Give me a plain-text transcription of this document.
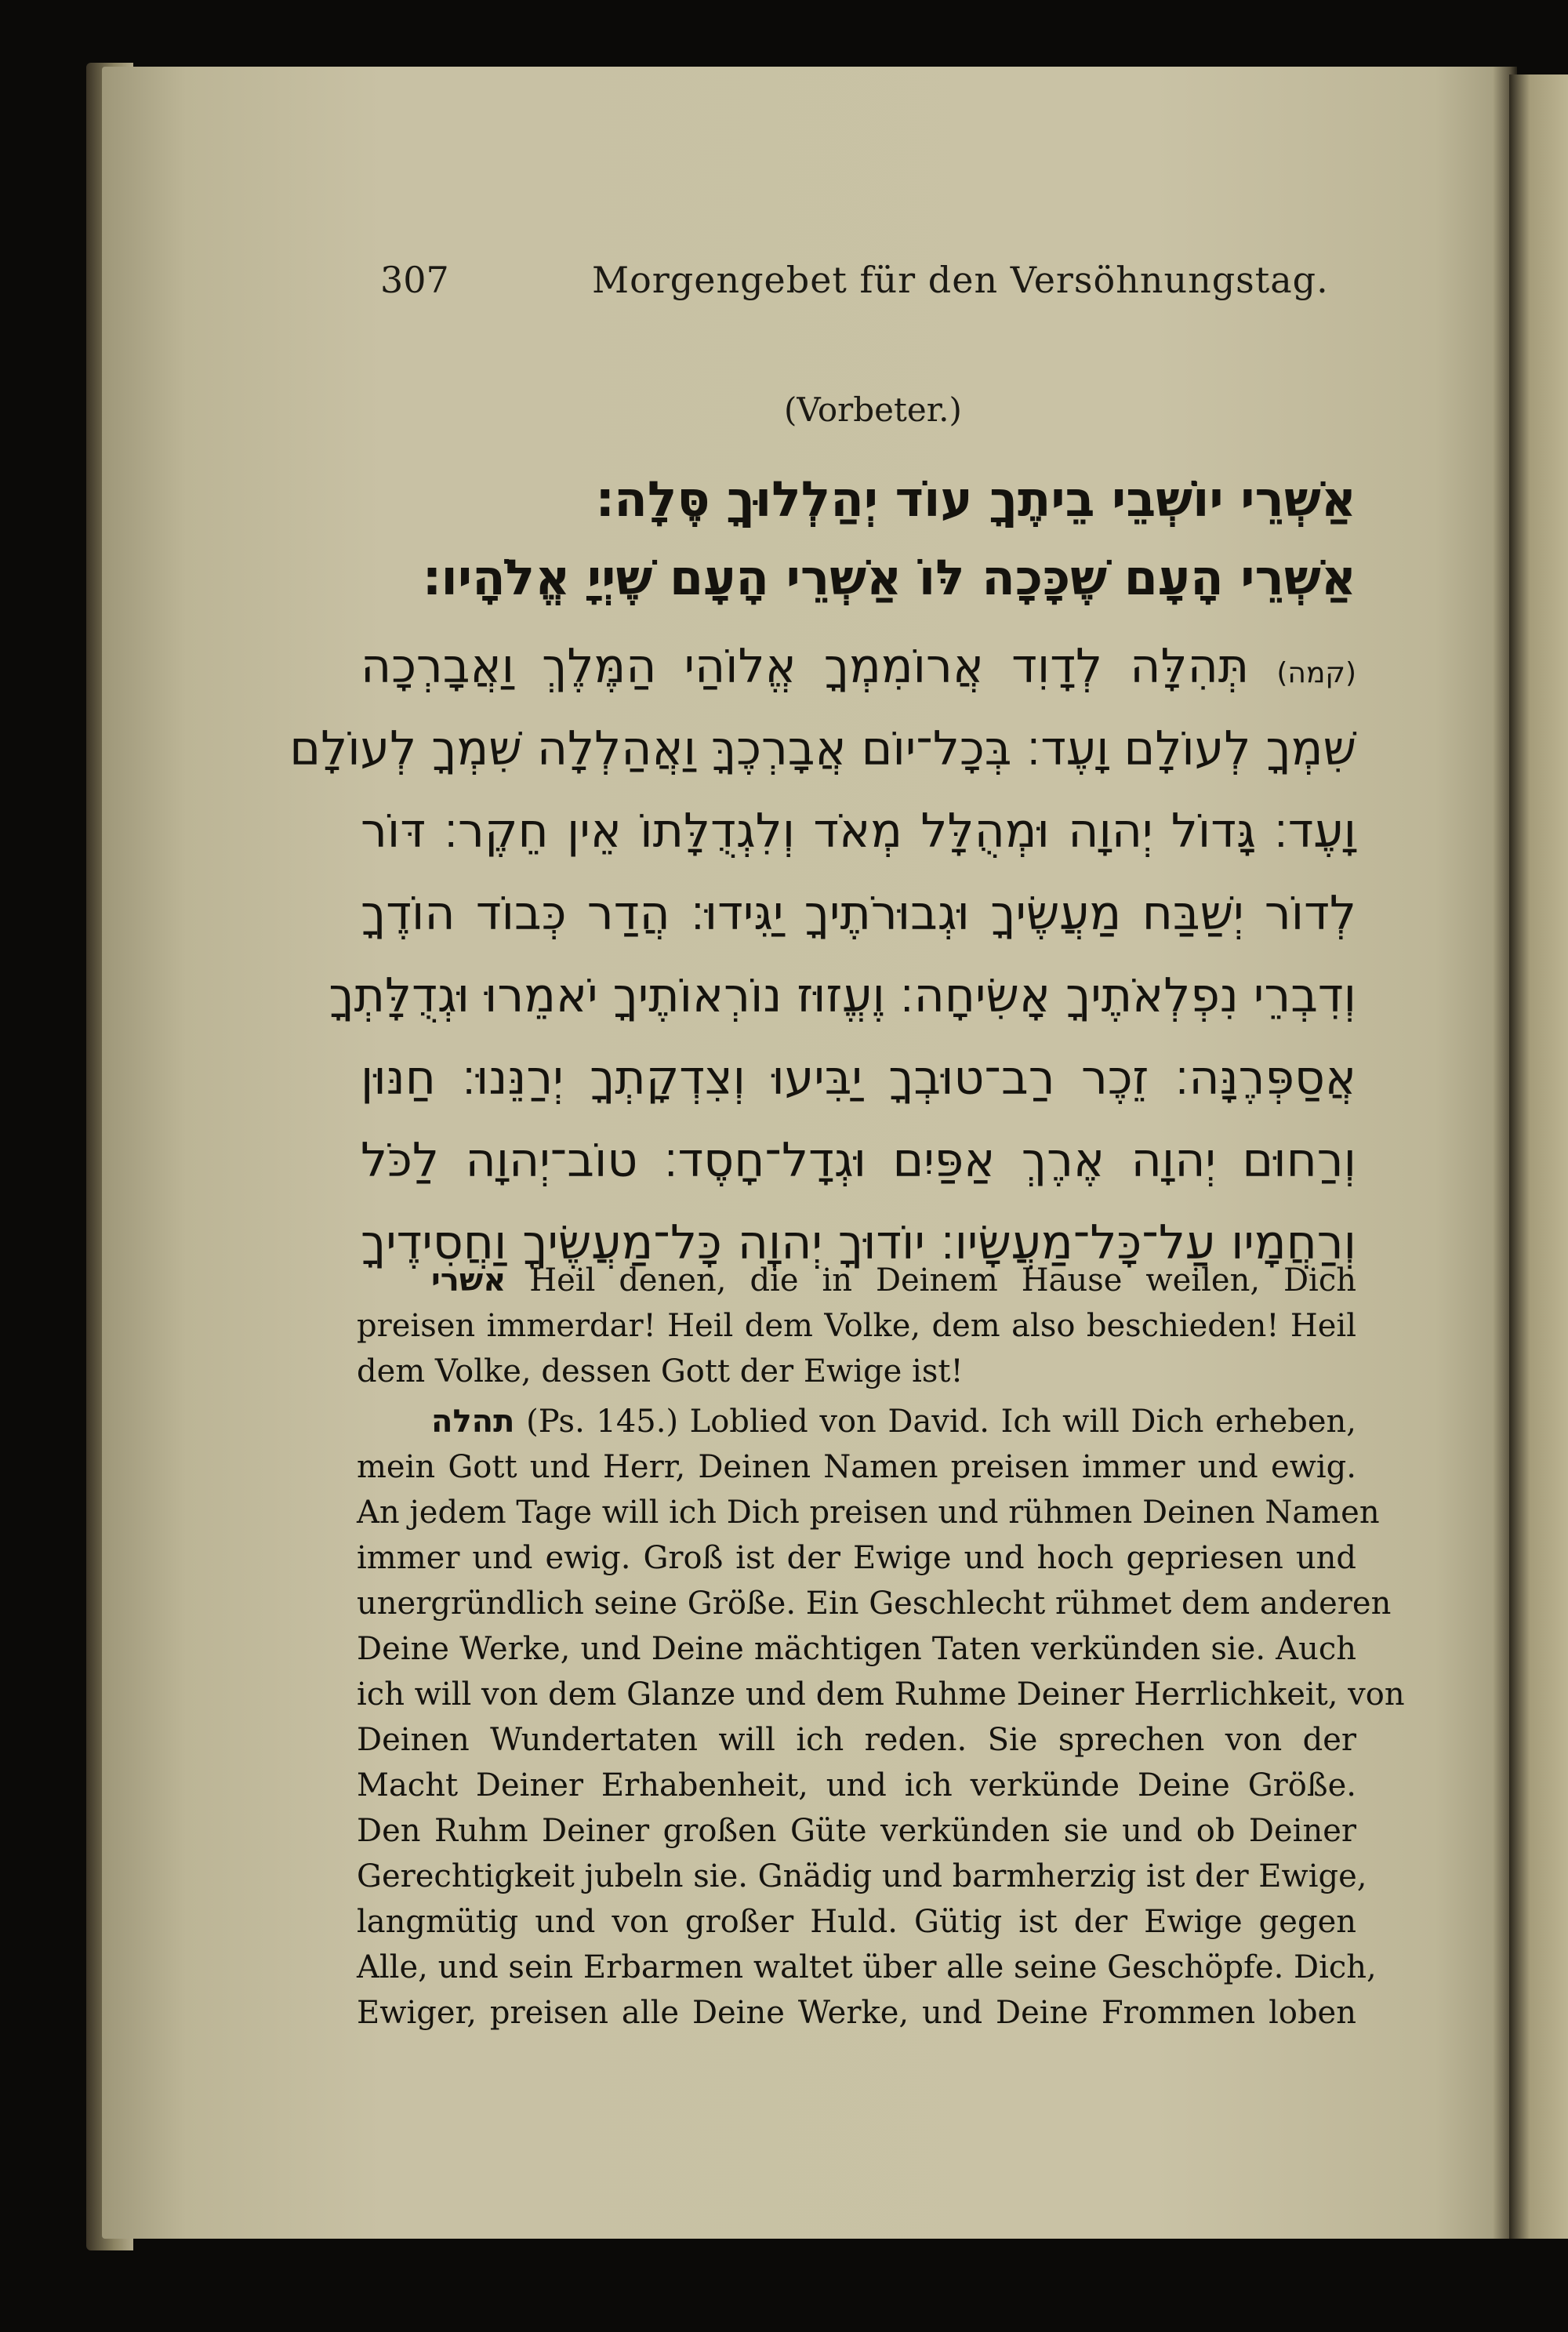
307	Morgengebet für den Versöhnungstag.
(Vorbeter.)
אַשְׁרֵי יוֹשְׁבֵי בֵיתֶךָ עוֹד יְהַלְלוּךָ סֶּלָה׃
אַשְׁרֵי הָעָם שֶׁכָּכָה לּוֹ אַשְׁרֵי הָעָם שֶׁיְיָ אֱלֹהָיו׃
(קמה) תְּהִלָּה לְדָוִד אֲרוֹמִמְךָ אֱלוֹהַי הַמֶּלֶךְ וַאֲבָרְכָה
שִׁמְךָ לְעוֹלָם וָעֶד׃ בְּכָל־יוֹם אֲבָרְכֶךָּ וַאֲהַלְלָה שִׁמְךָ לְעוֹלָם
וָעֶד׃ גָּדוֹל יְהוָה וּמְהֻלָּל מְאֹד וְלִגְדֻלָּתוֹ אֵין חֵקֶר׃ דּוֹר
לְדוֹר יְשַׁבַּח מַעֲשֶׂיךָ וּגְבוּרֹתֶיךָ יַגִּידוּ׃ הֲדַר כְּבוֹד הוֹדֶךָ
וְדִבְרֵי נִפְלְאֹתֶיךָ אָשִׂיחָה׃ וֶעֱזוּז נוֹרְאוֹתֶיךָ יֹאמֵרוּ וּגְדֻלָּתְךָ
אֲסַפְּרֶנָּה׃ זֵכֶר רַב־טוּבְךָ יַבִּיעוּ וְצִדְקָתְךָ יְרַנֵּנוּ׃ חַנּוּן
וְרַחוּם יְהוָה אֶרֶךְ אַפַּיִם וּגְדָל־חָסֶד׃ טוֹב־יְהוָה לַכֹּל
וְרַחֲמָיו עַל־כָּל־מַעֲשָׂיו׃ יוֹדוּךָ יְהוָה כָּל־מַעֲשֶׂיךָ וַחֲסִידֶיךָ
אשרי Heil denen, die in Deinem Hause weilen, Dich
preisen immerdar! Heil dem Volke, dem also beschieden! Heil
dem Volke, dessen Gott der Ewige ist!
תהלה (Ps. 145.) Loblied von David. Ich will Dich erheben,
mein Gott und Herr, Deinen Namen preisen immer und ewig.
An jedem Tage will ich Dich preisen und rühmen Deinen Namen
immer und ewig. Groß ist der Ewige und hoch gepriesen und
unergründlich seine Größe. Ein Geschlecht rühmet dem anderen
Deine Werke, und Deine mächtigen Taten verkünden sie. Auch
ich will von dem Glanze und dem Ruhme Deiner Herrlichkeit, von
Deinen Wundertaten will ich reden. Sie sprechen von der
Macht Deiner Erhabenheit, und ich verkünde Deine Größe.
Den Ruhm Deiner großen Güte verkünden sie und ob Deiner
Gerechtigkeit jubeln sie. Gnädig und barmherzig ist der Ewige,
langmütig und von großer Huld. Gütig ist der Ewige gegen
Alle, und sein Erbarmen waltet über alle seine Geschöpfe. Dich,
Ewiger, preisen alle Deine Werke, und Deine Frommen loben
